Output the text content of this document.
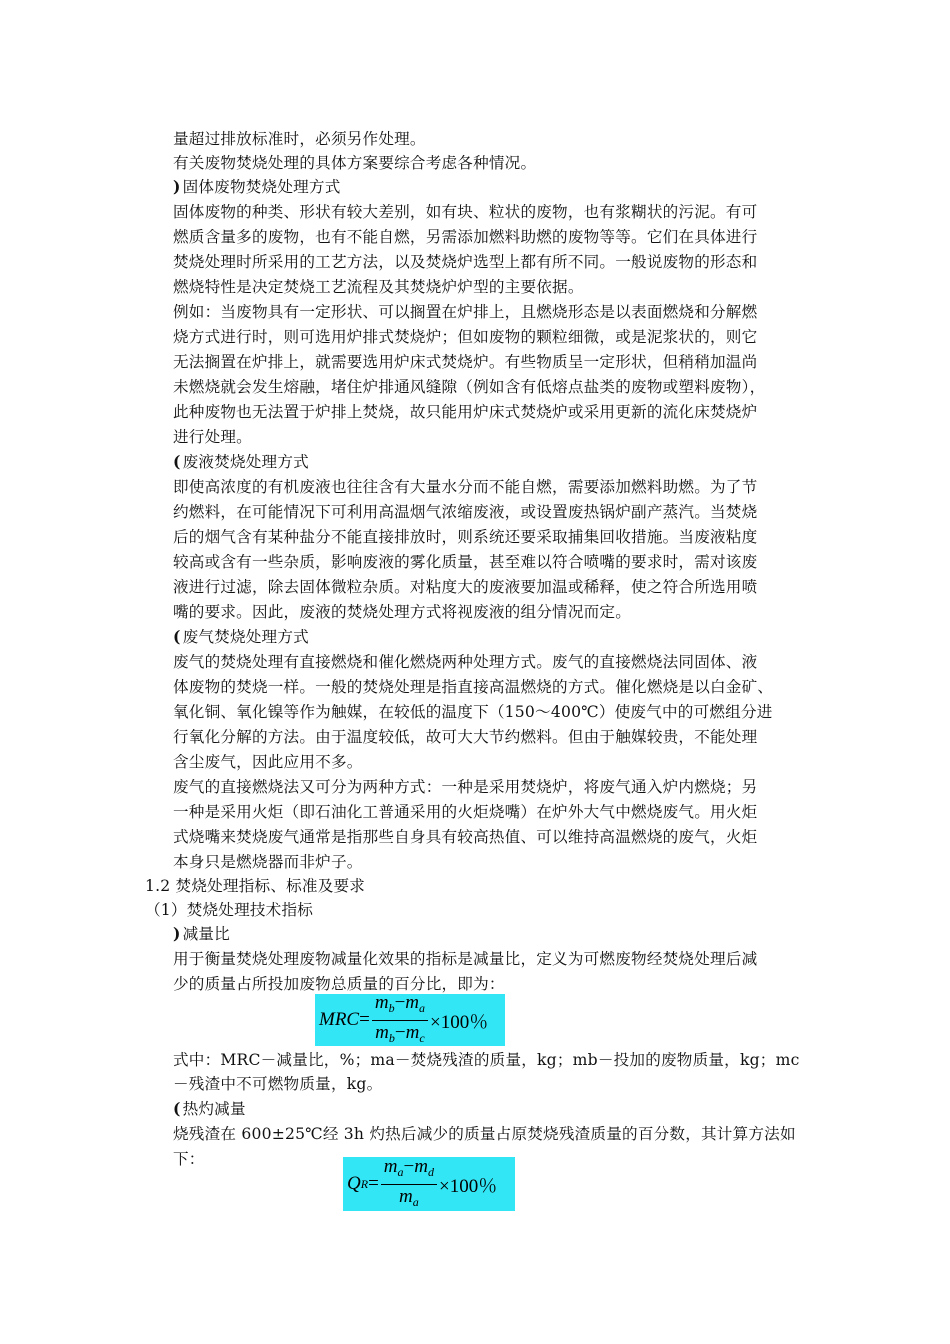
量超过排放标准时，必须另作处理。
有关废物焚烧处理的具体方案要综合考虑各种情况。
) 固体废物焚烧处理方式
固体废物的种类、形状有较大差别，如有块、粒状的废物，也有浆糊状的污泥。有可
燃质含量多的废物，也有不能自燃，另需添加燃料助燃的废物等等。它们在具体进行
焚烧处理时所采用的工艺方法，以及焚烧炉选型上都有所不同。一般说废物的形态和
燃烧特性是决定焚烧工艺流程及其焚烧炉炉型的主要依据。
例如：当废物具有一定形状、可以搁置在炉排上，且燃烧形态是以表面燃烧和分解燃
烧方式进行时，则可选用炉排式焚烧炉；但如废物的颗粒细微，或是泥浆状的，则它
无法搁置在炉排上，就需要选用炉床式焚烧炉。有些物质呈一定形状，但稍稍加温尚
未燃烧就会发生熔融，堵住炉排通风缝隙（例如含有低熔点盐类的废物或塑料废物），
此种废物也无法置于炉排上焚烧，故只能用炉床式焚烧炉或采用更新的流化床焚烧炉
进行处理。
( 废液焚烧处理方式
即使高浓度的有机废液也往往含有大量水分而不能自燃，需要添加燃料助燃。为了节
约燃料，在可能情况下可利用高温烟气浓缩废液，或设置废热锅炉副产蒸汽。当焚烧
后的烟气含有某种盐分不能直接排放时，则系统还要采取捕集回收措施。当废液粘度
较高或含有一些杂质，影响废液的雾化质量，甚至难以符合喷嘴的要求时，需对该废
液进行过滤，除去固体微粒杂质。对粘度大的废液要加温或稀释，使之符合所选用喷
嘴的要求。因此，废液的焚烧处理方式将视废液的组分情况而定。
( 废气焚烧处理方式
废气的焚烧处理有直接燃烧和催化燃烧两种处理方式。废气的直接燃烧法同固体、液
体废物的焚烧一样。一般的焚烧处理是指直接高温燃烧的方式。催化燃烧是以白金矿、
氧化铜、氧化镍等作为触媒，在较低的温度下（150～400℃）使废气中的可燃组分进
行氧化分解的方法。由于温度较低，故可大大节约燃料。但由于触媒较贵，不能处理
含尘废气，因此应用不多。
废气的直接燃烧法又可分为两种方式：一种是采用焚烧炉，将废气通入炉内燃烧；另
一种是采用火炬（即石油化工普通采用的火炬烧嘴）在炉外大气中燃烧废气。用火炬
式烧嘴来焚烧废气通常是指那些自身具有较高热值、可以维持高温燃烧的废气，火炬
本身只是燃烧器而非炉子。
1.2 焚烧处理指标、标准及要求
（1）焚烧处理技术指标
) 减量比
用于衡量焚烧处理废物减量化效果的指标是减量比，定义为可燃废物经焚烧处理后减
少的质量占所投加废物总质量的百分比，即为：
MRC = $\frac{m_b-m_a}{m_b-m_c} \times 100$％
式中：MRC－减量比，%；ma－焚烧残渣的质量，kg；mb－投加的废物质量，kg；mc
－残渣中不可燃物质量，kg。
( 热灼减量
烧残渣在 600±25℃经 3h 灼热后减少的质量占原焚烧残渣质量的百分数，其计算方法如
下：
Q $R = \frac{m_a-m_d}{m_a} \times 100$％
